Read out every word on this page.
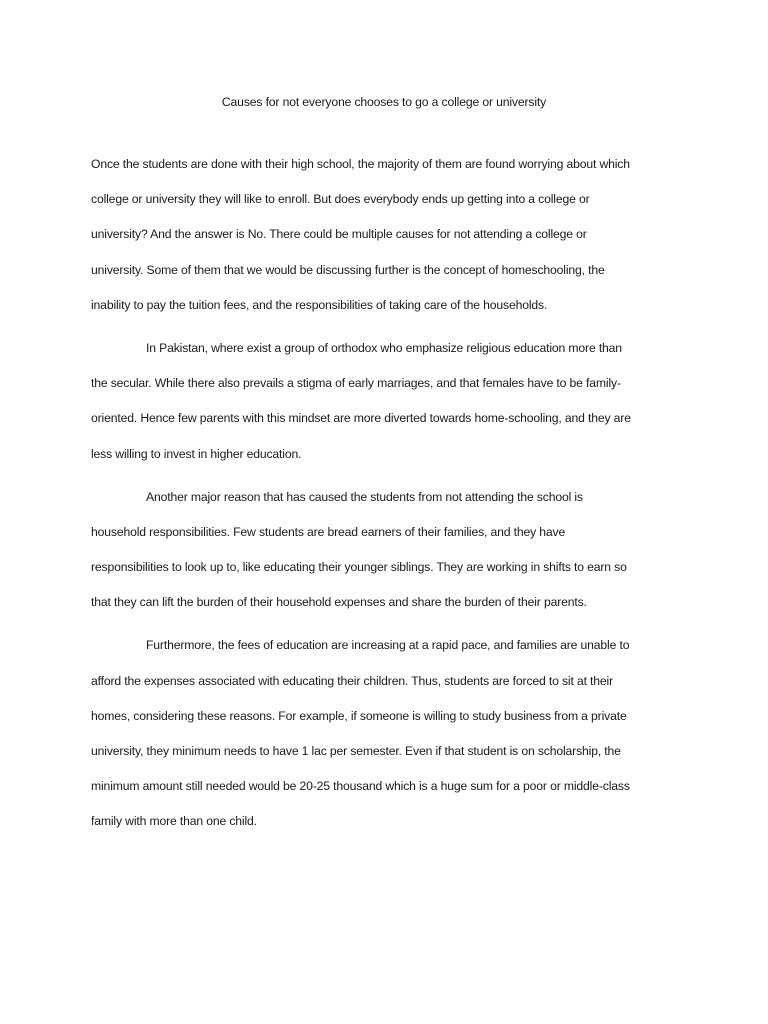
Causes for not everyone chooses to go a college or university

Once the students are done with their high school, the majority of them are found worrying about which
college or university they will like to enroll. But does everybody ends up getting into a college or
university? And the answer is No. There could be multiple causes for not attending a college or
university. Some of them that we would be discussing further is the concept of homeschooling, the
inability to pay the tuition fees, and the responsibilities of taking care of the households.

In Pakistan, where exist a group of orthodox who emphasize religious education more than
the secular. While there also prevails a stigma of early marriages, and that females have to be family-
oriented. Hence few parents with this mindset are more diverted towards home-schooling, and they are
less willing to invest in higher education.

Another major reason that has caused the students from not attending the school is
household responsibilities. Few students are bread earners of their families, and they have
responsibilities to look up to, like educating their younger siblings. They are working in shifts to earn so
that they can lift the burden of their household expenses and share the burden of their parents.

Furthermore, the fees of education are increasing at a rapid pace, and families are unable to
afford the expenses associated with educating their children. Thus, students are forced to sit at their
homes, considering these reasons. For example, if someone is willing to study business from a private
university, they minimum needs to have 1 lac per semester. Even if that student is on scholarship, the
minimum amount still needed would be 20-25 thousand which is a huge sum for a poor or middle-class
family with more than one child.
